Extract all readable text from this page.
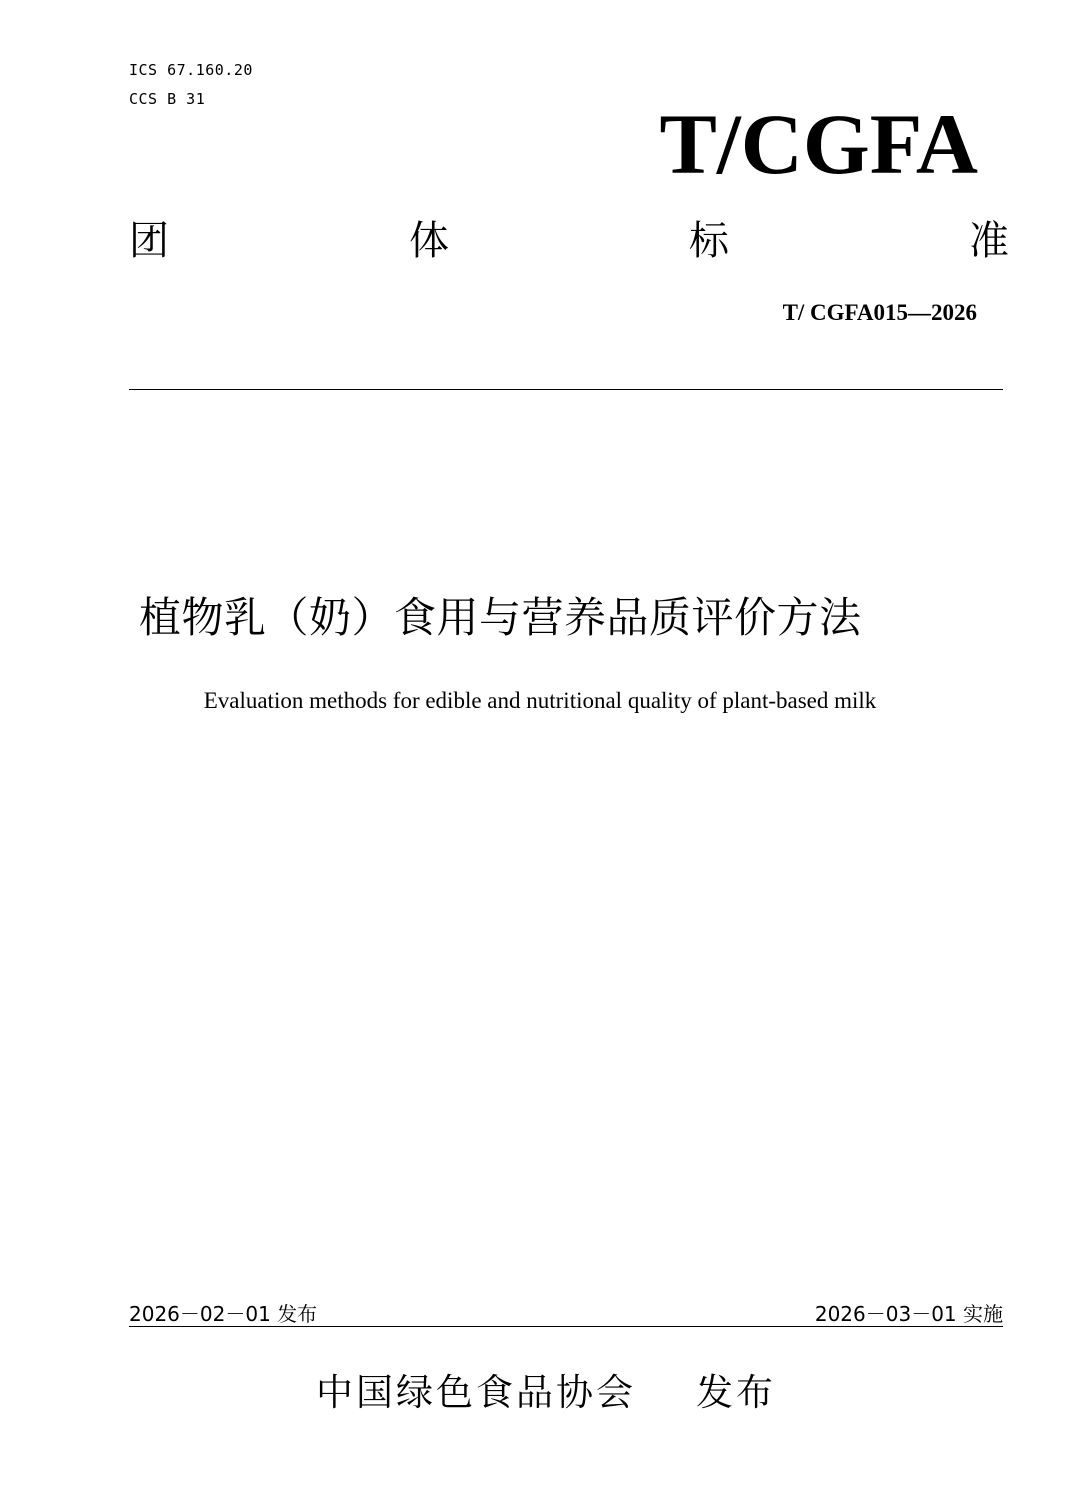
ICS 67.160.20
CCS B 31	T/CGFA
团	体	标	准
T/ CGFA015—2026
植物乳（奶）食用与营养品质评价方法
Evaluation methods for edible and nutritional quality of plant-based milk
2026－02－01 发布	2026－03－01 实施
中国绿色食品协会 发布
